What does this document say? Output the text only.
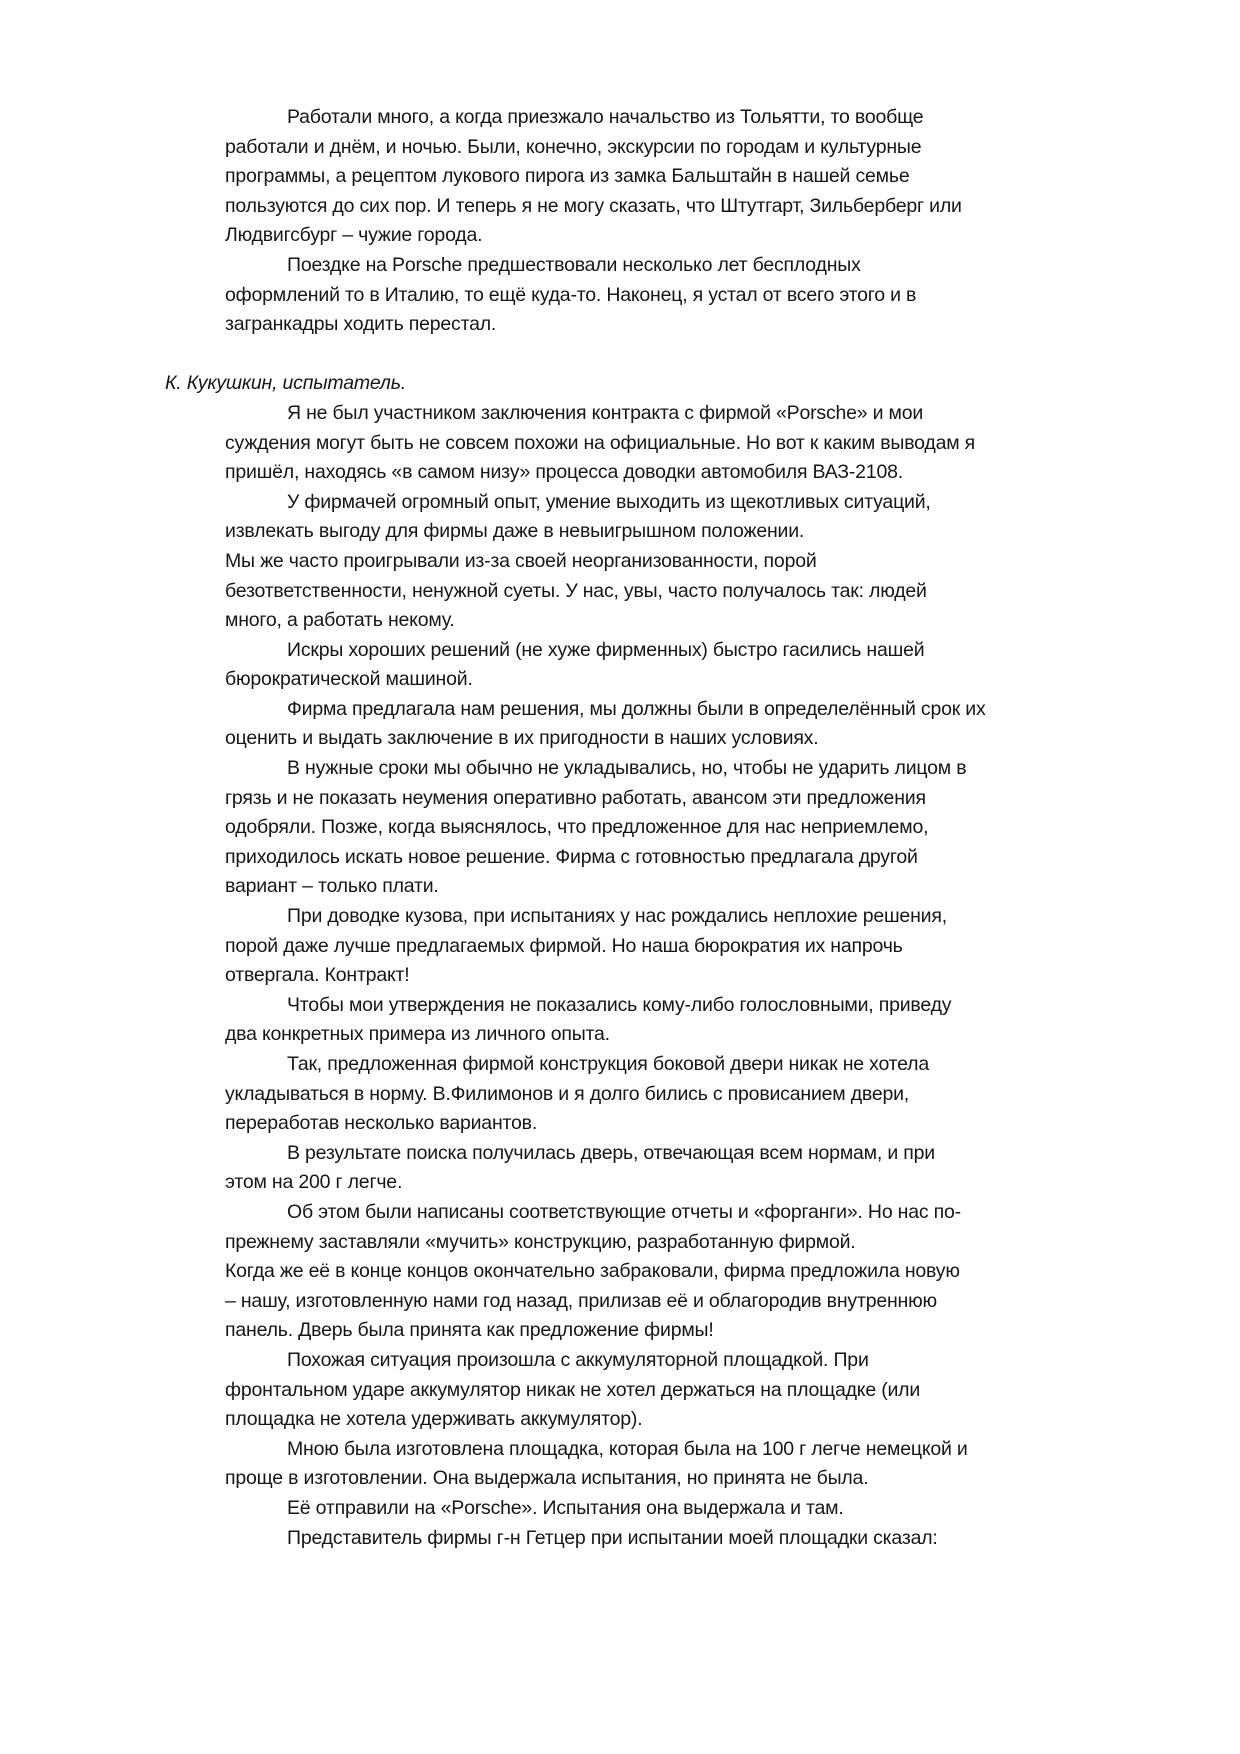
Работали много, а когда приезжало начальство из Тольятти, то вообще
работали и днём, и ночью. Были, конечно, экскурсии по городам и культурные
программы, а рецептом лукового пирога из замка Бальштайн в нашей семье
пользуются до сих пор. И теперь я не могу сказать, что Штутгарт, Зильберберг или
Людвигсбург – чужие города.
Поездке на Porsche предшествовали несколько лет бесплодных
оформлений то в Италию, то ещё куда-то. Наконец, я устал от всего этого и в
загранкадры ходить перестал.
К. Кукушкин, испытатель.
Я не был участником заключения контракта с фирмой «Porsche» и мои
суждения могут быть не совсем похожи на официальные. Но вот к каким выводам я
пришёл, находясь «в самом низу» процесса доводки автомобиля ВАЗ-2108.
У фирмачей огромный опыт, умение выходить из щекотливых ситуаций,
извлекать выгоду для фирмы даже в невыигрышном положении.
Мы же часто проигрывали из-за своей неорганизованности, порой
безответственности, ненужной суеты. У нас, увы, часто получалось так: людей
много, а работать некому.
Искры хороших решений (не хуже фирменных) быстро гасились нашей
бюрократической машиной.
Фирма предлагала нам решения, мы должны были в определелённый срок их
оценить и выдать заключение в их пригодности в наших условиях.
В нужные сроки мы обычно не укладывались, но, чтобы не ударить лицом в
грязь и не показать неумения оперативно работать, авансом эти предложения
одобряли. Позже, когда выяснялось, что предложенное для нас неприемлемо,
приходилось искать новое решение. Фирма с готовностью предлагала другой
вариант – только плати.
При доводке кузова, при испытаниях у нас рождались неплохие решения,
порой даже лучше предлагаемых фирмой. Но наша бюрократия их напрочь
отвергала. Контракт!
Чтобы мои утверждения не показались кому-либо голословными, приведу
два конкретных примера из личного опыта.
Так, предложенная фирмой конструкция боковой двери никак не хотела
укладываться в норму. В.Филимонов и я долго бились с провисанием двери,
переработав несколько вариантов.
В результате поиска получилась дверь, отвечающая всем нормам, и при
этом на 200 г легче.
Об этом были написаны соответствующие отчеты и «форганги». Но нас по-
прежнему заставляли «мучить» конструкцию, разработанную фирмой.
Когда же её в конце концов окончательно забраковали, фирма предложила новую
– нашу, изготовленную нами год назад, прилизав её и облагородив внутреннюю
панель. Дверь была принята как предложение фирмы!
Похожая ситуация произошла с аккумуляторной площадкой. При
фронтальном ударе аккумулятор никак не хотел держаться на площадке (или
площадка не хотела удерживать аккумулятор).
Мною была изготовлена площадка, которая была на 100 г легче немецкой и
проще в изготовлении. Она выдержала испытания, но принята не была.
Её отправили на «Porsche». Испытания она выдержала и там.
Представитель фирмы г-н Гетцер при испытании моей площадки сказал:
